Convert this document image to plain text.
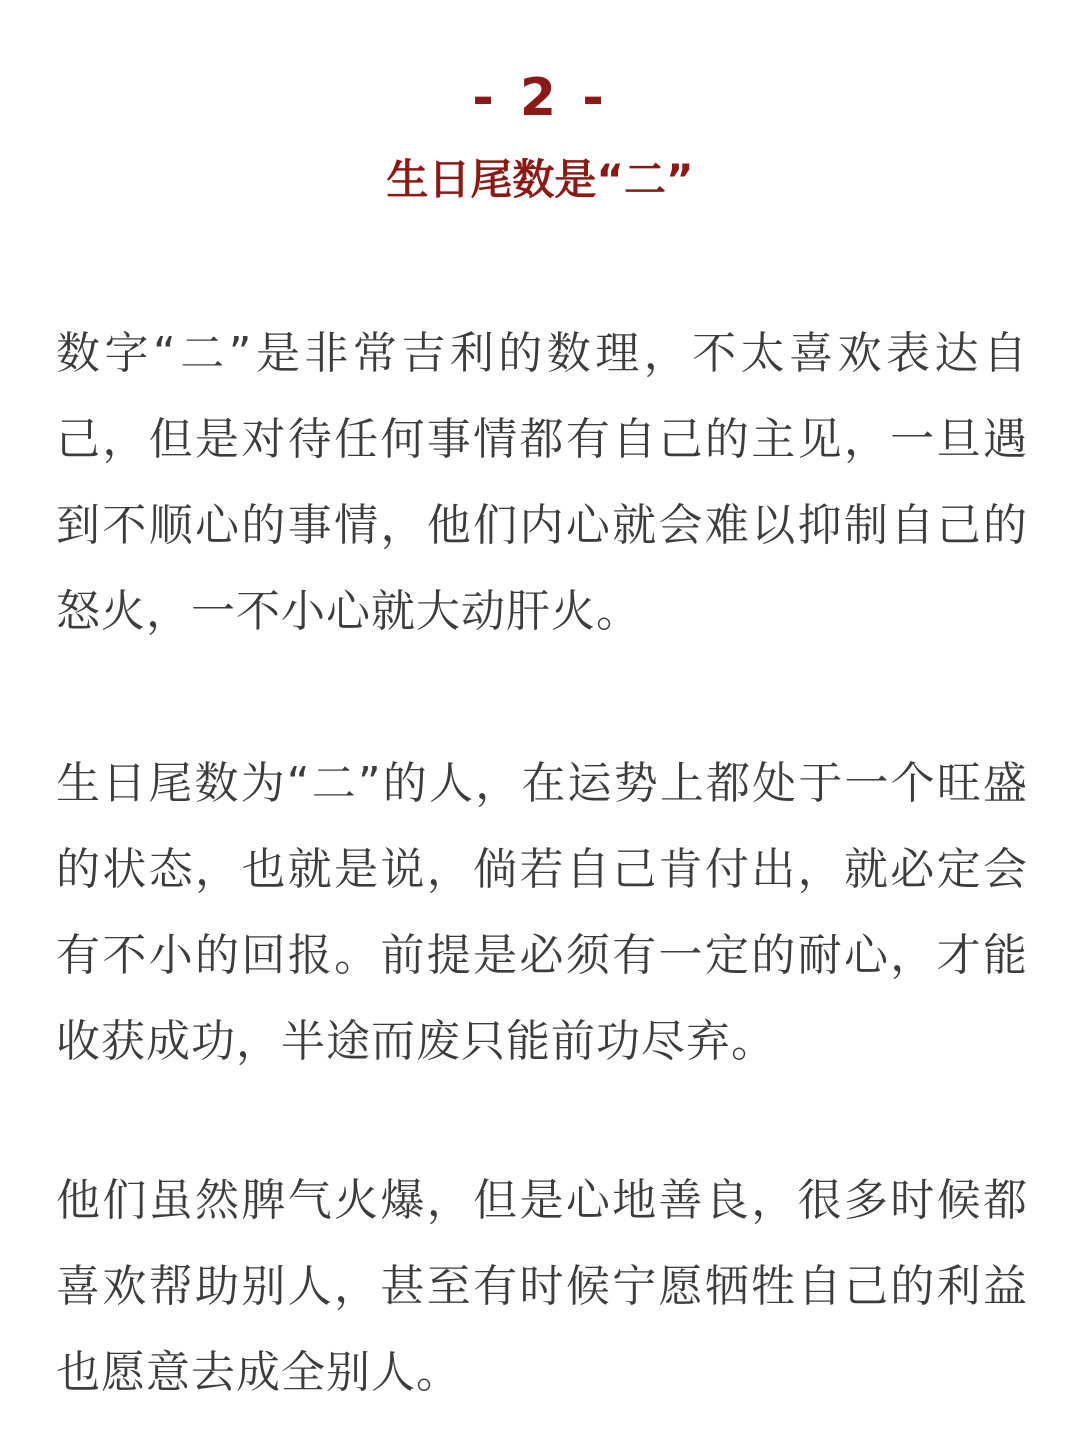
- 2 -
生日尾数是“二”

数字“二”是非常吉利的数理，不太喜欢表达自己，但是对待任何事情都有自己的主见，一旦遇到不顺心的事情，他们内心就会难以抑制自己的怒火，一不小心就大动肝火。

生日尾数为“二”的人，在运势上都处于一个旺盛的状态，也就是说，倘若自己肯付出，就必定会有不小的回报。前提是必须有一定的耐心，才能收获成功，半途而废只能前功尽弃。

他们虽然脾气火爆，但是心地善良，很多时候都喜欢帮助别人，甚至有时候宁愿牺牲自己的利益也愿意去成全别人。
